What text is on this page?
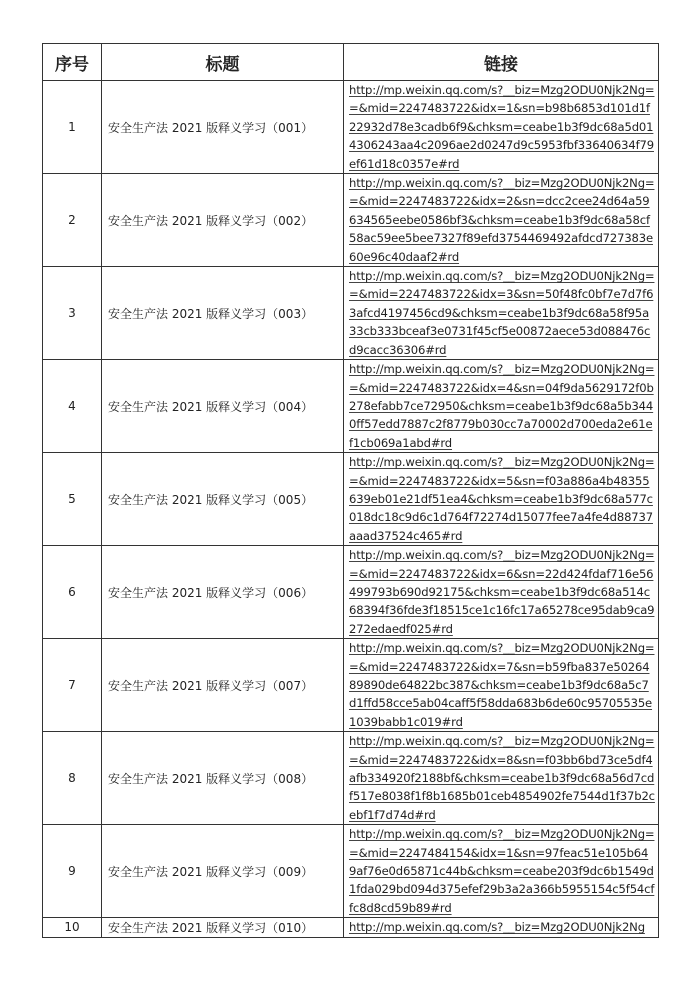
序号	标题	链接
1	安全生产法 2021 版释义学习（001）	http://mp.weixin.qq.com/s?__biz=Mzg2ODU0Njk2Ng==&mid=2247483722&idx=1&sn=b98b6853d101d1f22932d78e3cadb6f9&chksm=ceabe1b3f9dc68a5d014306243aa4c2096ae2d0247d9c5953fbf33640634f79ef61d18c0357e#rd

2	安全生产法 2021 版释义学习（002）	http://mp.weixin.qq.com/s?__biz=Mzg2ODU0Njk2Ng==&mid=2247483722&idx=2&sn=dcc2cee24d64a59634565eebe0586bf3&chksm=ceabe1b3f9dc68a58cf58ac59ee5bee7327f89efd3754469492afdcd727383e60e96c40daaf2#rd

3	安全生产法 2021 版释义学习（003）	http://mp.weixin.qq.com/s?__biz=Mzg2ODU0Njk2Ng==&mid=2247483722&idx=3&sn=50f48fc0bf7e7d7f63afcd4197456cd9&chksm=ceabe1b3f9dc68a58f95a33cb333bceaf3e0731f45cf5e00872aece53d088476cd9cacc36306#rd

4	安全生产法 2021 版释义学习（004）	http://mp.weixin.qq.com/s?__biz=Mzg2ODU0Njk2Ng==&mid=2247483722&idx=4&sn=04f9da5629172f0b278efabb7ce72950&chksm=ceabe1b3f9dc68a5b3440ff57edd7887c2f8779b030cc7a70002d700eda2e61ef1cb069a1abd#rd

5	安全生产法 2021 版释义学习（005）	http://mp.weixin.qq.com/s?__biz=Mzg2ODU0Njk2Ng==&mid=2247483722&idx=5&sn=f03a886a4b48355639eb01e21df51ea4&chksm=ceabe1b3f9dc68a577c018dc18c9d6c1d764f72274d15077fee7a4fe4d88737aaad37524c465#rd

6	安全生产法 2021 版释义学习（006）	http://mp.weixin.qq.com/s?__biz=Mzg2ODU0Njk2Ng==&mid=2247483722&idx=6&sn=22d424fdaf716e56499793b690d92175&chksm=ceabe1b3f9dc68a514c68394f36fde3f18515ce1c16fc17a65278ce95dab9ca9272edaedf025#rd

7	安全生产法 2021 版释义学习（007）	http://mp.weixin.qq.com/s?__biz=Mzg2ODU0Njk2Ng==&mid=2247483722&idx=7&sn=b59fba837e5026489890de64822bc387&chksm=ceabe1b3f9dc68a5c7d1ffd58cce5ab04caff5f58dda683b6de60c95705535e1039babb1c019#rd

8	安全生产法 2021 版释义学习（008）	http://mp.weixin.qq.com/s?__biz=Mzg2ODU0Njk2Ng==&mid=2247483722&idx=8&sn=f03bb6bd73ce5df4afb334920f2188bf&chksm=ceabe1b3f9dc68a56d7cdf517e8038f1f8b1685b01ceb4854902fe7544d1f37b2cebf1f7d74d#rd

9	安全生产法 2021 版释义学习（009）	http://mp.weixin.qq.com/s?__biz=Mzg2ODU0Njk2Ng==&mid=2247484154&idx=1&sn=97feac51e105b649af76e0d65871c44b&chksm=ceabe203f9dc6b1549d1fda029bd094d375efef29b3a2a366b5955154c5f54cffc8d8cd59b89#rd

10	安全生产法 2021 版释义学习（010）	http://mp.weixin.qq.com/s?__biz=Mzg2ODU0Njk2Ng
